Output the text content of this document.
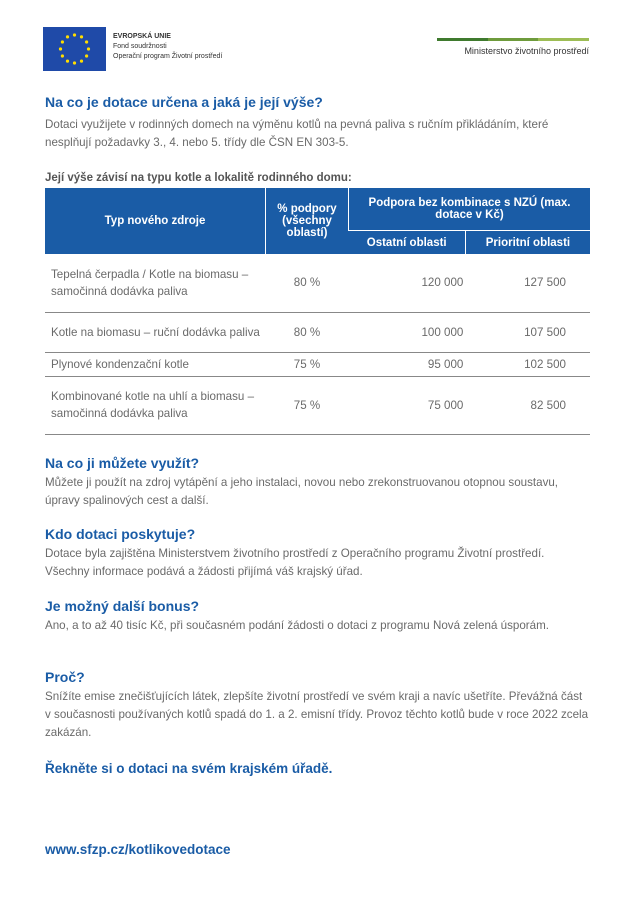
EVROPSKÁ UNIE
Fond soudržnosti
Operační program Životní prostředí
Ministerstvo životního prostředí
Na co je dotace určena a jaká je její výše?

Dotaci využijete v rodinných domech na výměnu kotlů na pevná paliva s ručním přikládáním, které nesplňují požadavky 3., 4. nebo 5. třídy dle ČSN EN 303-5.

Její výše závisí na typu kotle a lokalitě rodinného domu:
Typ nového zdroje	% podpory (všechny oblastí)	Podpora bez kombinace s NZÚ (max. dotace v Kč)	
		Ostatní oblasti	Prioritní oblasti
Tepelná čerpadla / Kotle na biomasu – samočinná dodávka paliva	80 %	120 000	127 500
Kotle na biomasu – ruční dodávka paliva	80 %	100 000	107 500
Plynové kondenzační kotle	75 %	95 000	102 500
Kombinované kotle na uhlí a biomasu – samočinná dodávka paliva	75 %	75 000	82 500
Na co ji můžete využít?

Můžete ji použít na zdroj vytápění a jeho instalaci, novou nebo zrekonstruovanou otopnou soustavu, úpravy spalinových cest a další.

Kdo dotaci poskytuje?

Dotace byla zajištěna Ministerstvem životního prostředí z Operačního programu Životní prostředí. Všechny informace podává a žádosti přijímá váš krajský úřad.

Je možný další bonus?

Ano, a to až 40 tisíc Kč, při současném podání žádosti o dotaci z programu Nová zelená úsporám.

Proč?

Snížíte emise znečišťujících látek, zlepšíte životní prostředí ve svém kraji a navíc ušetříte. Převážná část v současnosti používaných kotlů spadá do 1. a 2. emisní třídy. Provoz těchto kotlů bude v roce 2022 zcela zakázán.

Řekněte si o dotaci na svém krajském úřadě.

www.sfzp.cz/kotlikovedotace
